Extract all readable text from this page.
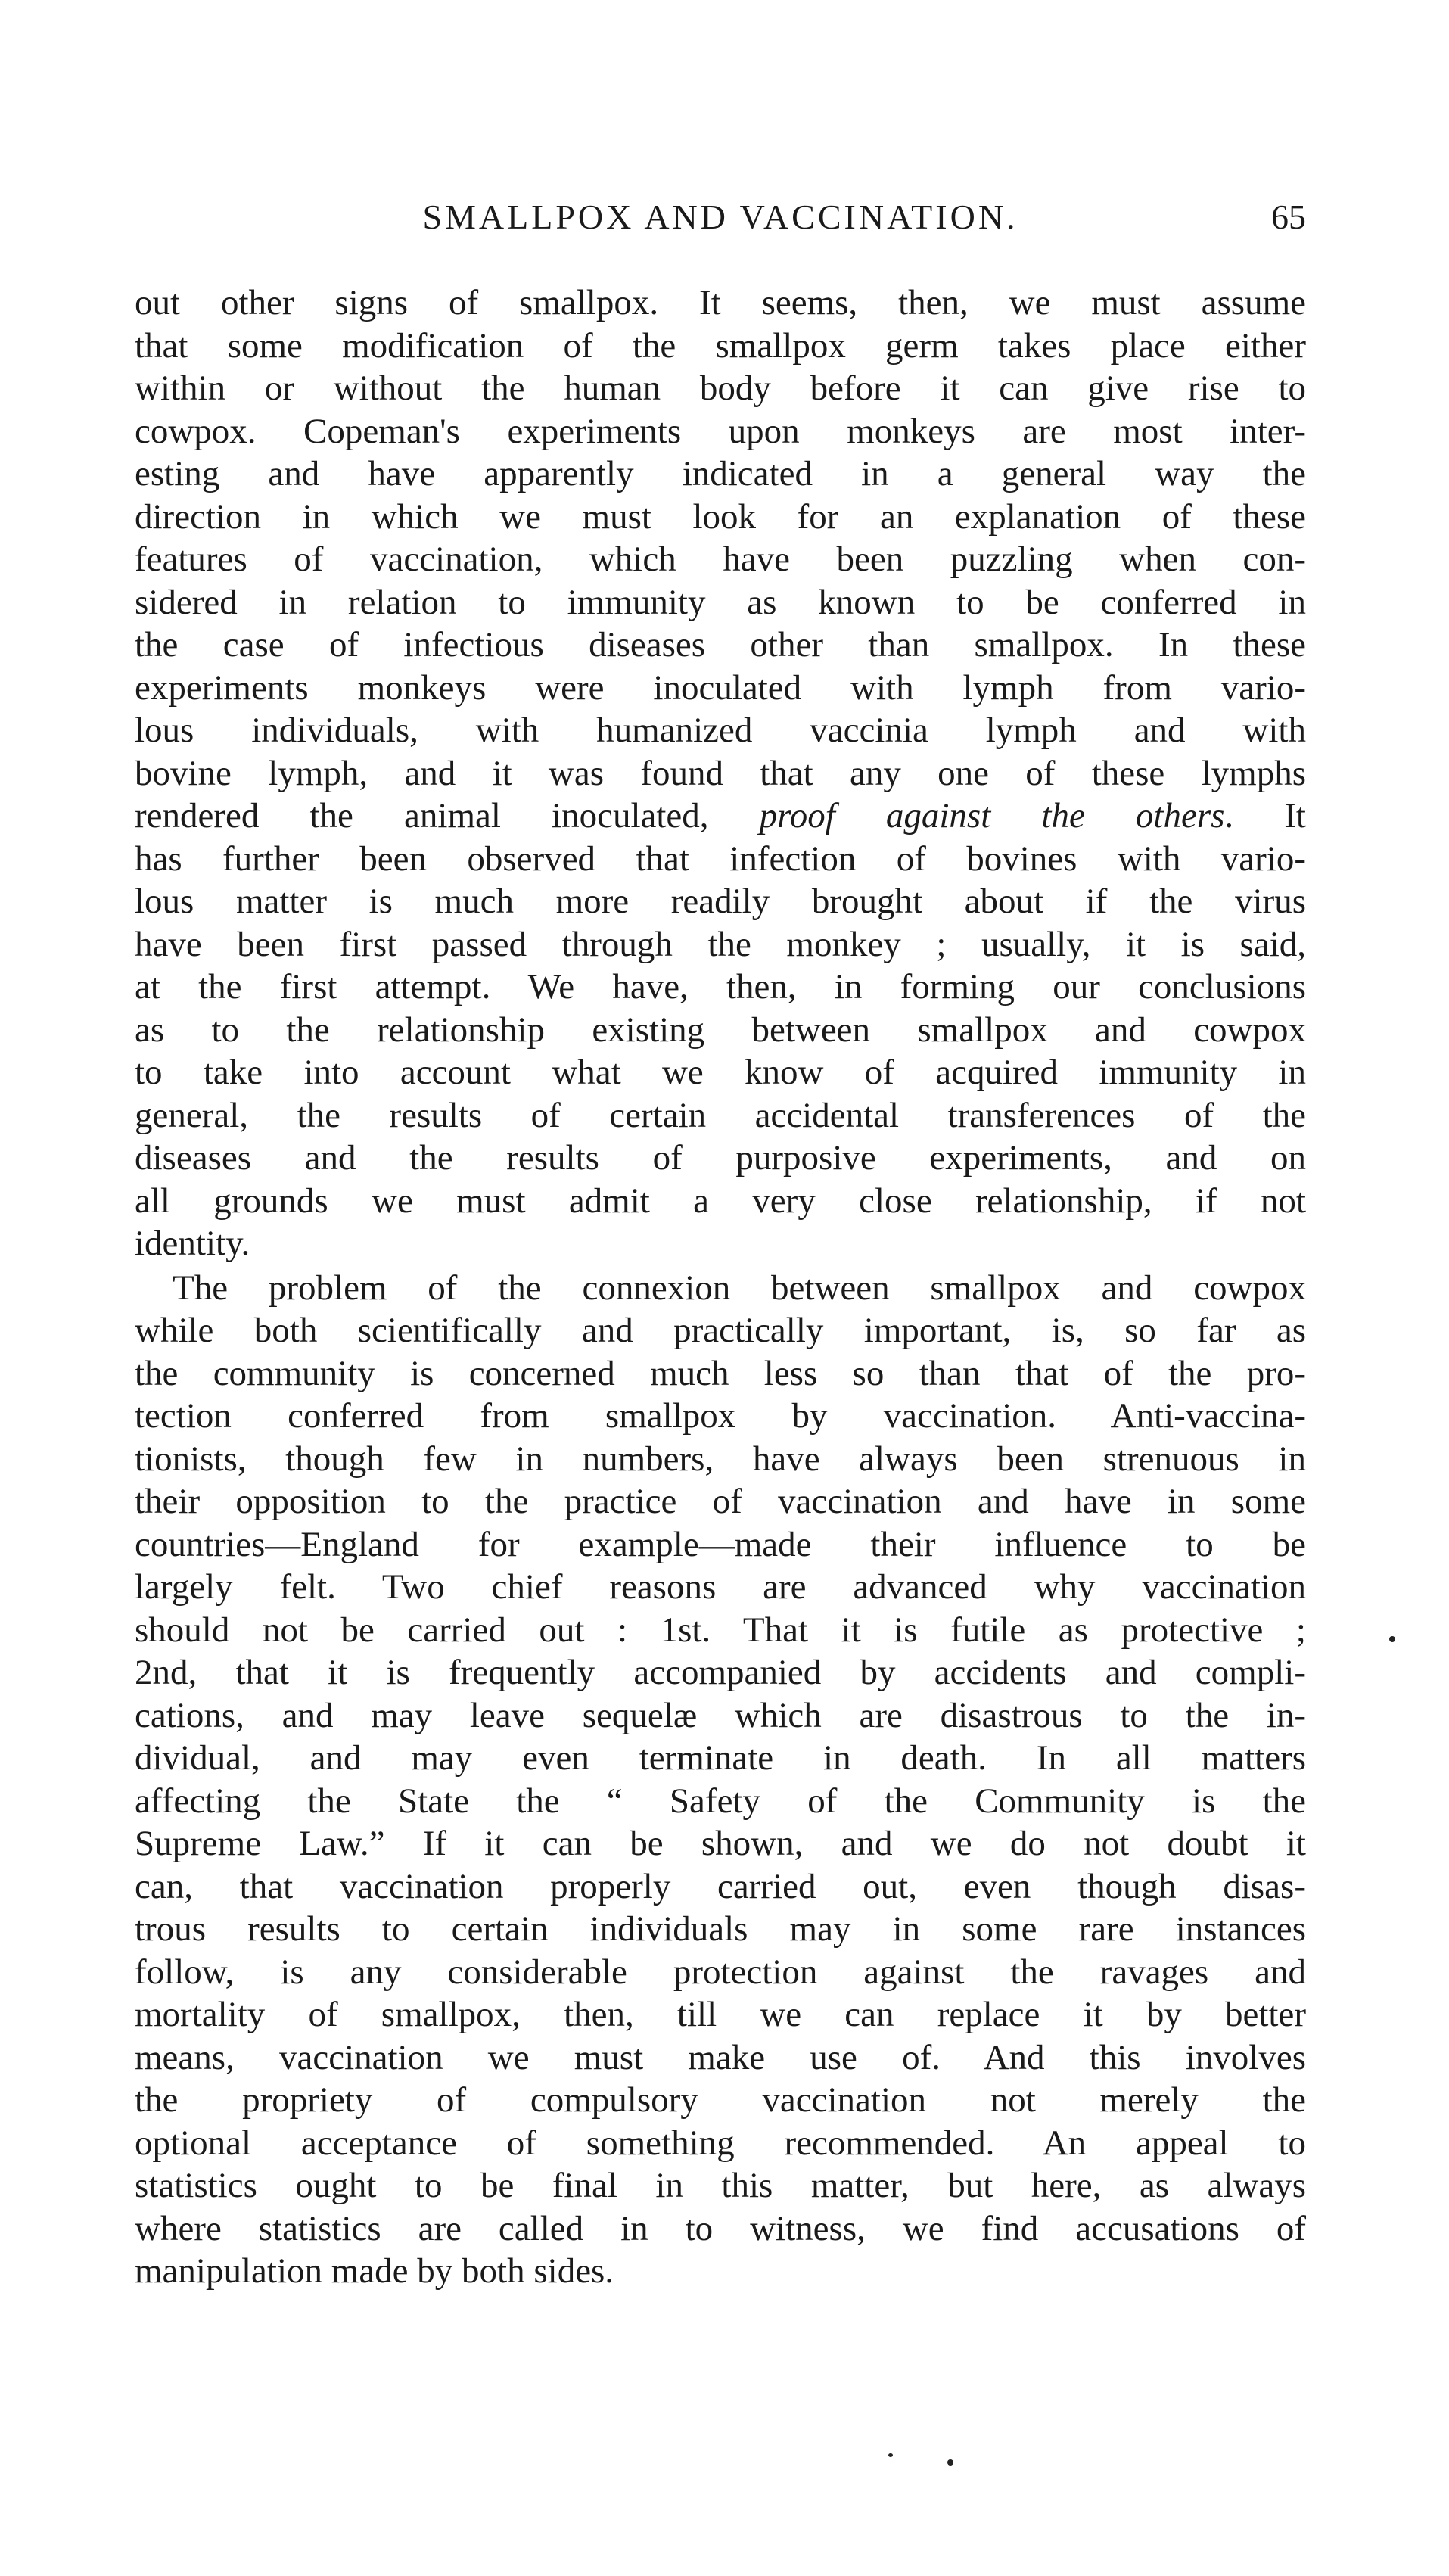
SMALLPOX AND VACCINATION.	65
out other signs of smallpox. It seems, then, we must assume
that some modification of the smallpox germ takes place either
within or without the human body before it can give rise to
cowpox. Copeman's experiments upon monkeys are most inter-
esting and have apparently indicated in a general way the
direction in which we must look for an explanation of these
features of vaccination, which have been puzzling when con-
sidered in relation to immunity as known to be conferred in
the case of infectious diseases other than smallpox. In these
experiments monkeys were inoculated with lymph from vario-
lous individuals, with humanized vaccinia lymph and with
bovine lymph, and it was found that any one of these lymphs
rendered the animal inoculated, proof against the others. It
has further been observed that infection of bovines with vario-
lous matter is much more readily brought about if the virus
have been first passed through the monkey ; usually, it is said,
at the first attempt. We have, then, in forming our conclusions
as to the relationship existing between smallpox and cowpox
to take into account what we know of acquired immunity in
general, the results of certain accidental transferences of the
diseases and the results of purposive experiments, and on
all grounds we must admit a very close relationship, if not
identity.
The problem of the connexion between smallpox and cowpox
while both scientifically and practically important, is, so far as
the community is concerned much less so than that of the pro-
tection conferred from smallpox by vaccination. Anti-vaccina-
tionists, though few in numbers, have always been strenuous in
their opposition to the practice of vaccination and have in some
countries—England for example—made their influence to be
largely felt. Two chief reasons are advanced why vaccination
should not be carried out : 1st. That it is futile as protective ;
2nd, that it is frequently accompanied by accidents and compli-
cations, and may leave sequelæ which are disastrous to the in-
dividual, and may even terminate in death. In all matters
affecting the State the “ Safety of the Community is the
Supreme Law.” If it can be shown, and we do not doubt it
can, that vaccination properly carried out, even though disas-
trous results to certain individuals may in some rare instances
follow, is any considerable protection against the ravages and
mortality of smallpox, then, till we can replace it by better
means, vaccination we must make use of. And this involves
the propriety of compulsory vaccination not merely the
optional acceptance of something recommended. An appeal to
statistics ought to be final in this matter, but here, as always
where statistics are called in to witness, we find accusations of
manipulation made by both sides.
